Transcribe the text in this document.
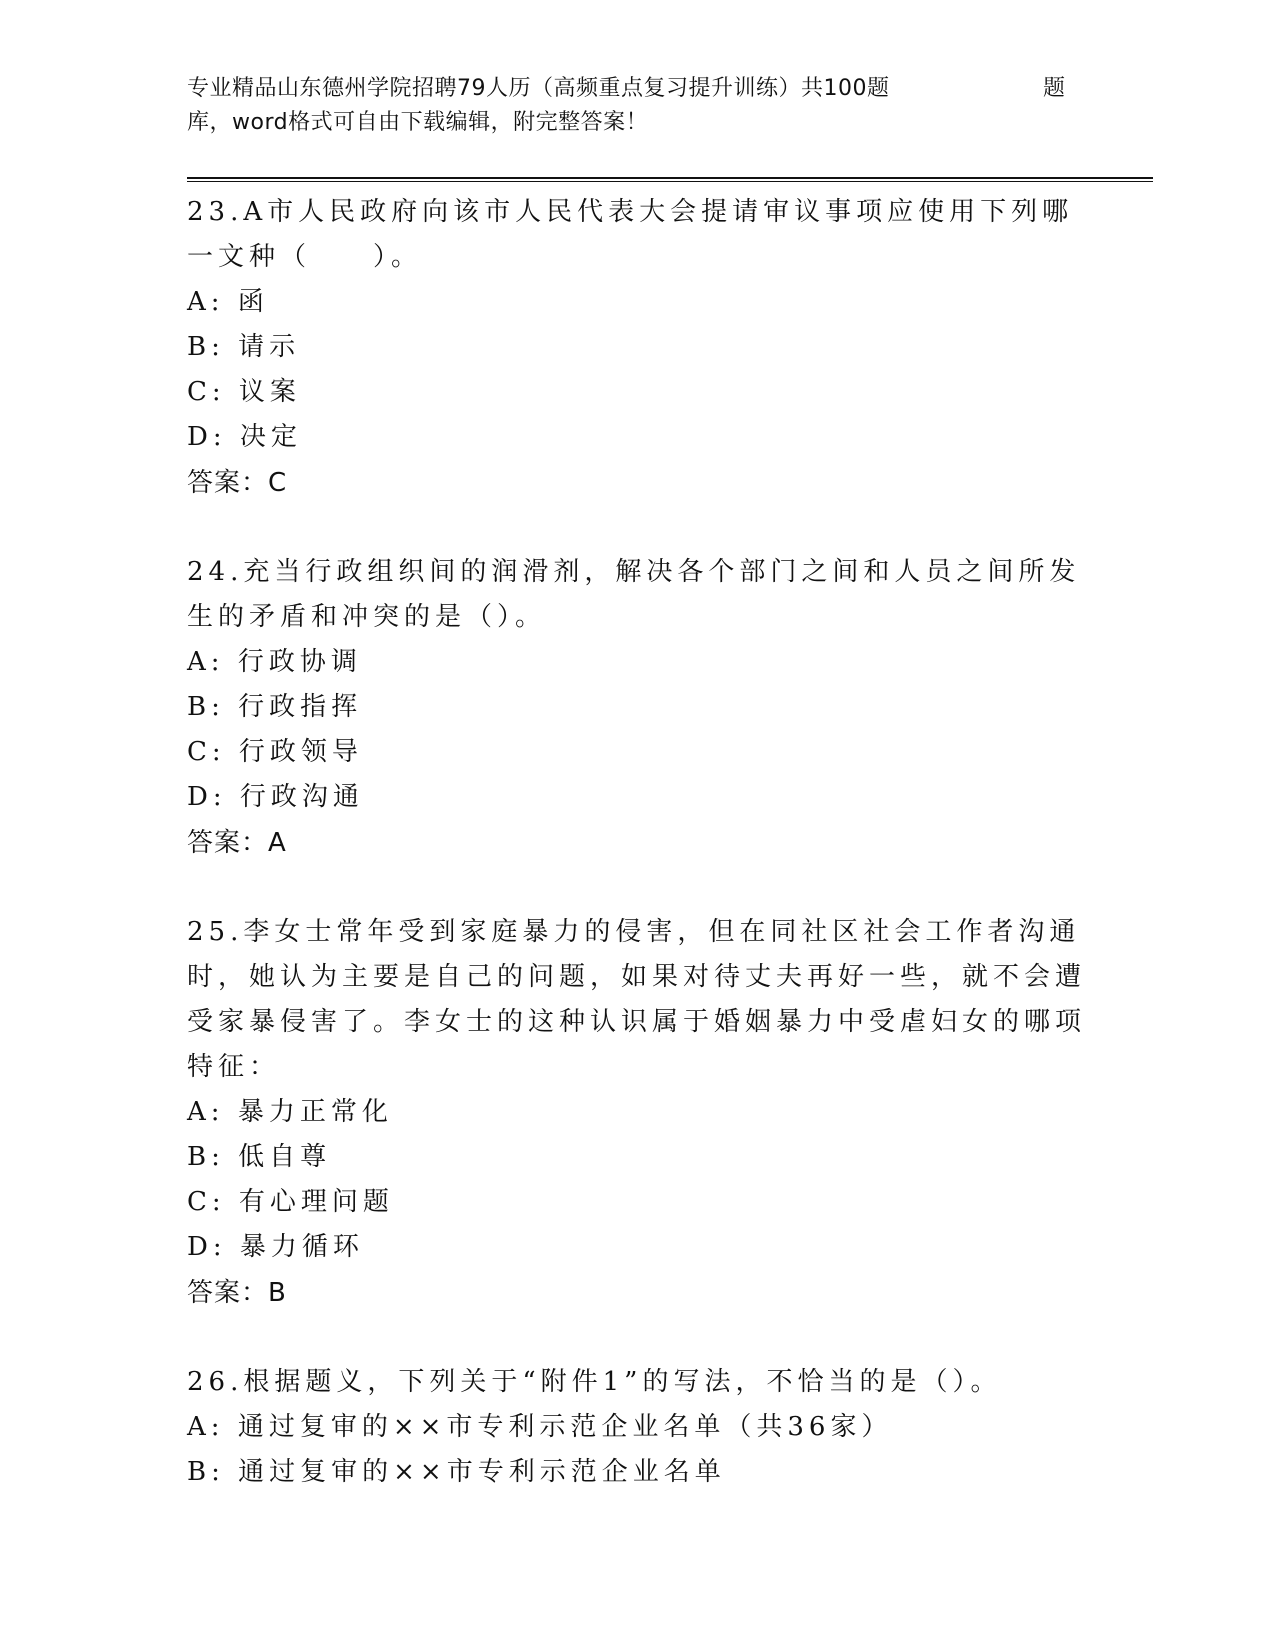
专业精品山东德州学院招聘79人历（高频重点复习提升训练）共100题	题
库，word格式可自由下载编辑，附完整答案！

23.A市人民政府向该市人民代表大会提请审议事项应使用下列哪一文种（　　）。

A: 函

B: 请示

C: 议案

D: 决定

答案：C

24.充当行政组织间的润滑剂，解决各个部门之间和人员之间所发生的矛盾和冲突的是（）。

A: 行政协调

B: 行政指挥

C: 行政领导

D: 行政沟通

答案：A

25.李女士常年受到家庭暴力的侵害，但在同社区社会工作者沟通时，她认为主要是自己的问题，如果对待丈夫再好一些，就不会遭受家暴侵害了。李女士的这种认识属于婚姻暴力中受虐妇女的哪项特征：

A: 暴力正常化

B: 低自尊

C: 有心理问题

D: 暴力循环

答案：B

26.根据题义，下列关于“附件1”的写法，不恰当的是（）。

A: 通过复审的××市专利示范企业名单（共36家）

B: 通过复审的××市专利示范企业名单
